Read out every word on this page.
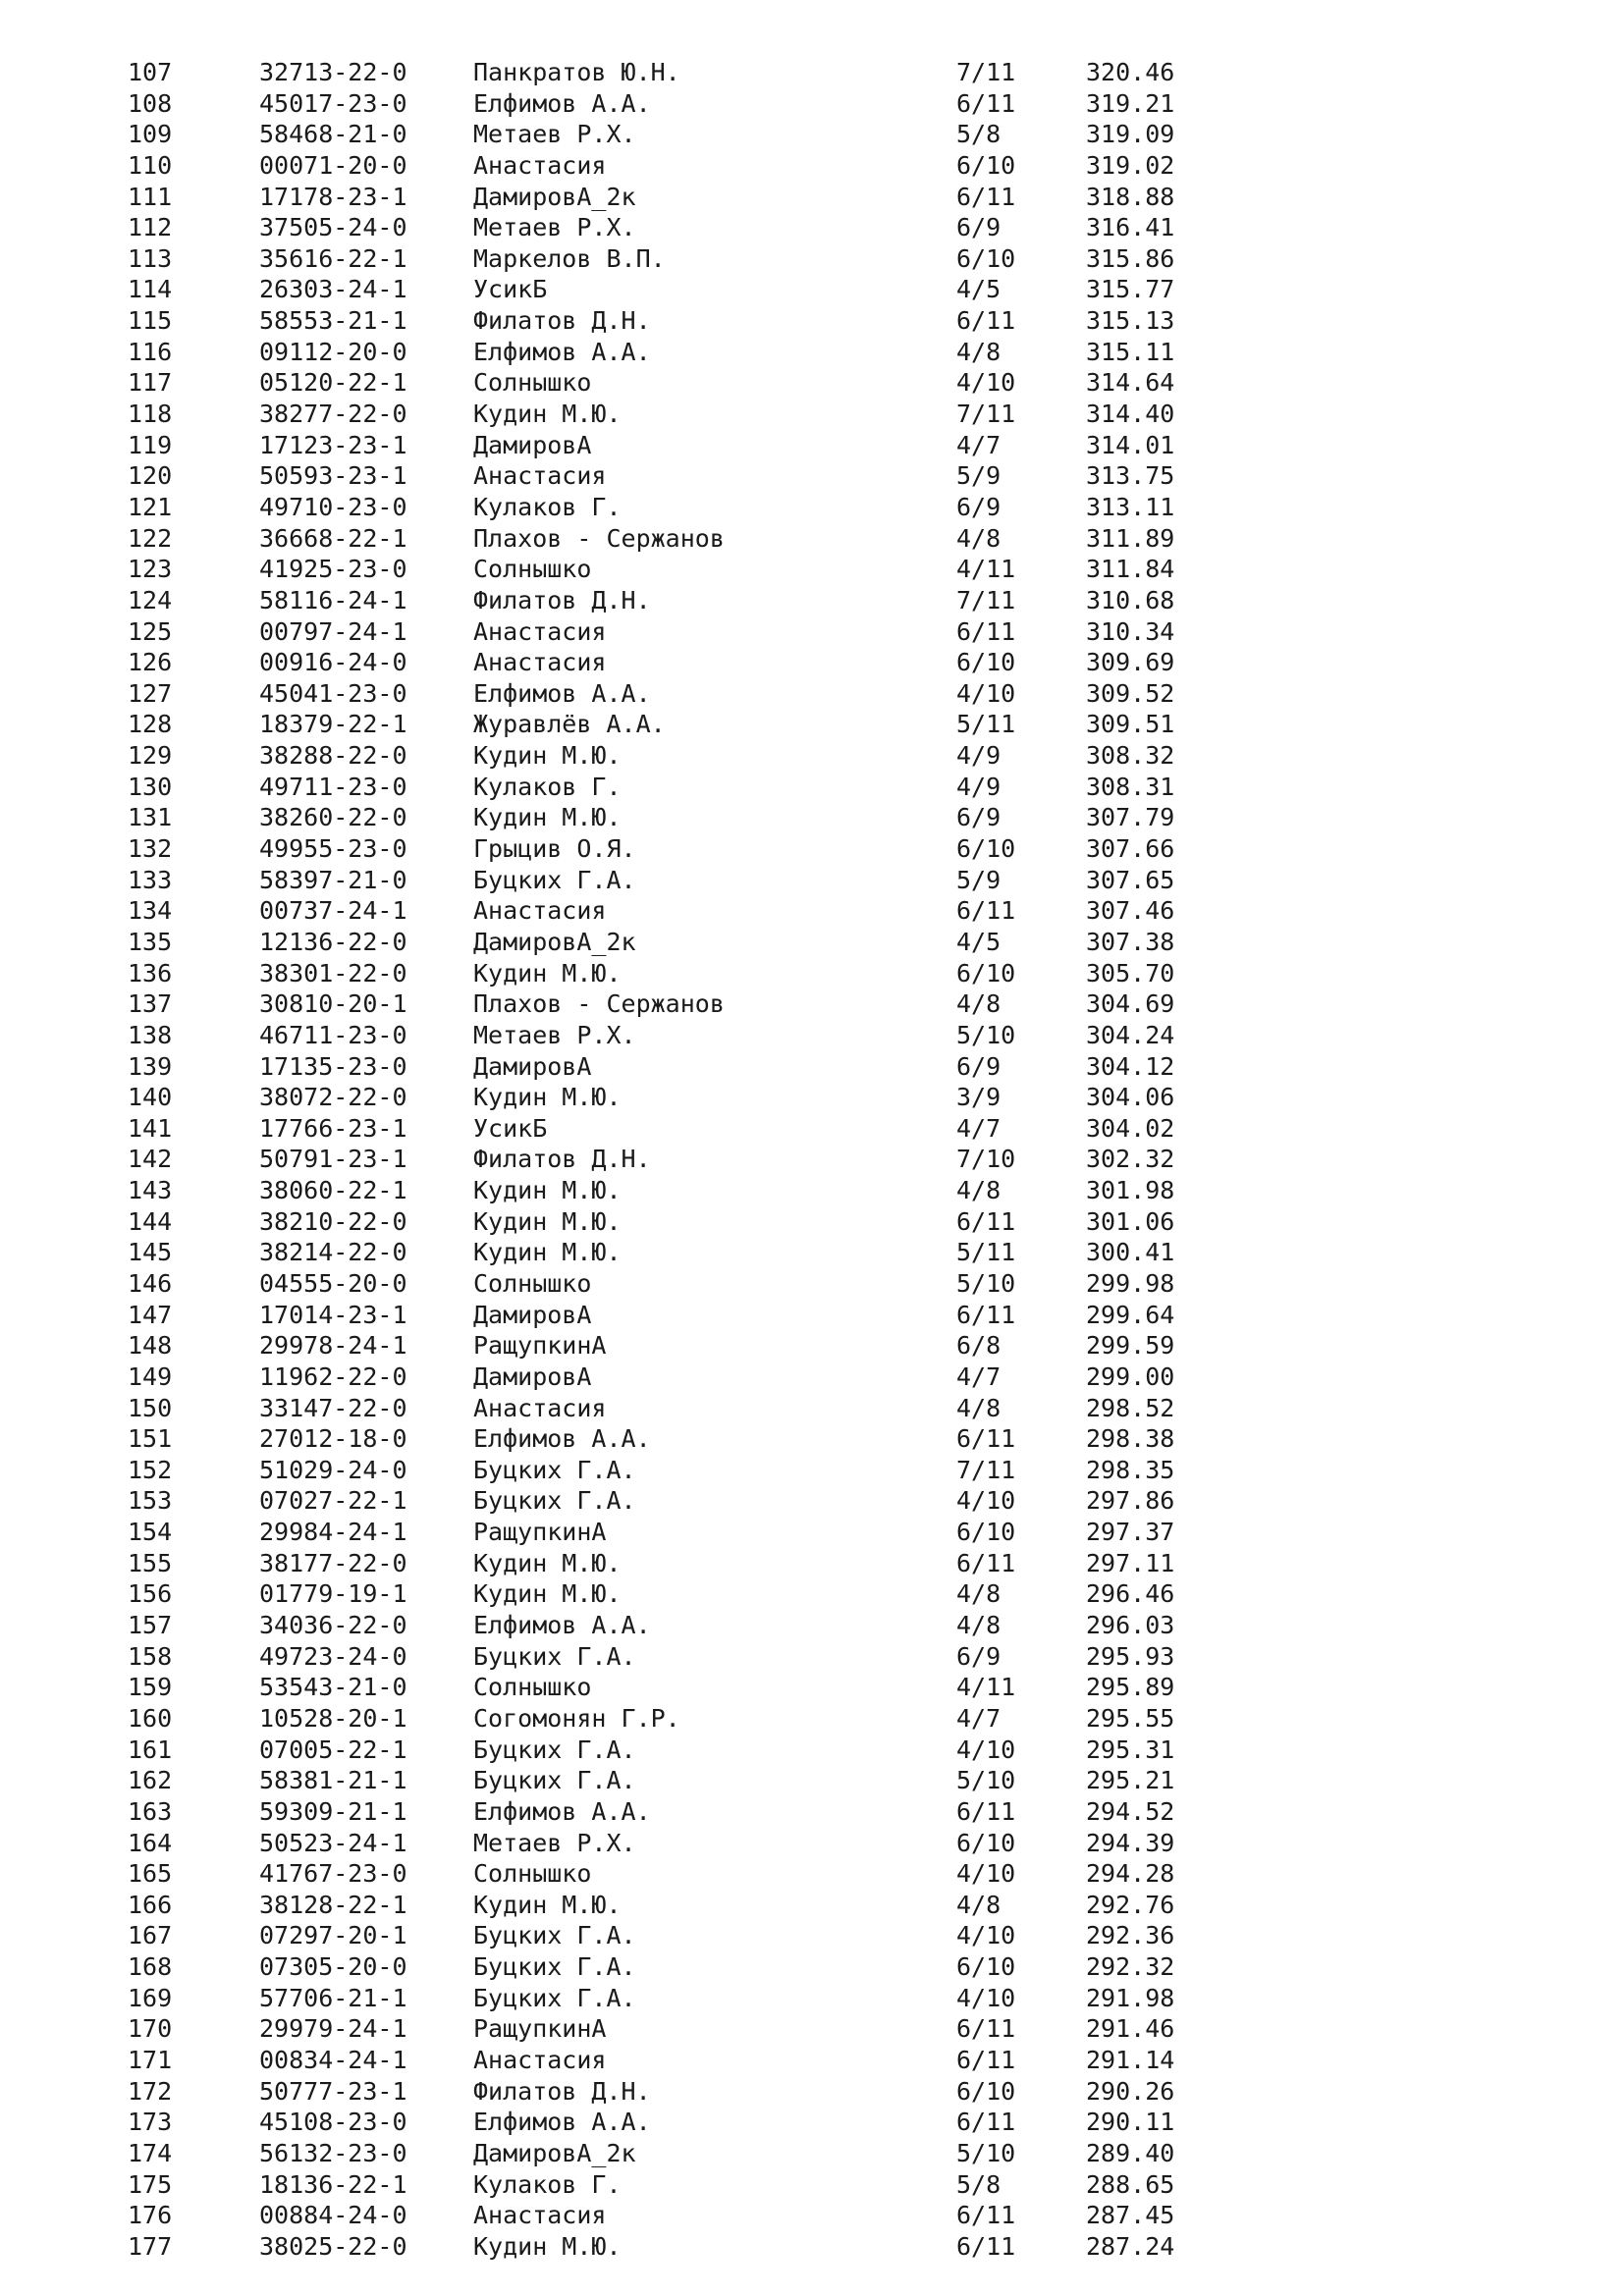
107	32713-22-0	Панкратов Ю.Н.	7/11	320.46
108	45017-23-0	Елфимов А.А.	6/11	319.21
109	58468-21-0	Метаев Р.Х.	5/8	319.09
110	00071-20-0	Анастасия	6/10	319.02
111	17178-23-1	ДамировА_2к	6/11	318.88
112	37505-24-0	Метаев Р.Х.	6/9	316.41
113	35616-22-1	Маркелов В.П.	6/10	315.86
114	26303-24-1	УсикБ	4/5	315.77
115	58553-21-1	Филатов Д.Н.	6/11	315.13
116	09112-20-0	Елфимов А.А.	4/8	315.11
117	05120-22-1	Солнышко	4/10	314.64
118	38277-22-0	Кудин М.Ю.	7/11	314.40
119	17123-23-1	ДамировА	4/7	314.01
120	50593-23-1	Анастасия	5/9	313.75
121	49710-23-0	Кулаков Г.	6/9	313.11
122	36668-22-1	Плахов - Сержанов	4/8	311.89
123	41925-23-0	Солнышко	4/11	311.84
124	58116-24-1	Филатов Д.Н.	7/11	310.68
125	00797-24-1	Анастасия	6/11	310.34
126	00916-24-0	Анастасия	6/10	309.69
127	45041-23-0	Елфимов А.А.	4/10	309.52
128	18379-22-1	Журавлёв А.А.	5/11	309.51
129	38288-22-0	Кудин М.Ю.	4/9	308.32
130	49711-23-0	Кулаков Г.	4/9	308.31
131	38260-22-0	Кудин М.Ю.	6/9	307.79
132	49955-23-0	Грыцив О.Я.	6/10	307.66
133	58397-21-0	Буцких Г.А.	5/9	307.65
134	00737-24-1	Анастасия	6/11	307.46
135	12136-22-0	ДамировА_2к	4/5	307.38
136	38301-22-0	Кудин М.Ю.	6/10	305.70
137	30810-20-1	Плахов - Сержанов	4/8	304.69
138	46711-23-0	Метаев Р.Х.	5/10	304.24
139	17135-23-0	ДамировА	6/9	304.12
140	38072-22-0	Кудин М.Ю.	3/9	304.06
141	17766-23-1	УсикБ	4/7	304.02
142	50791-23-1	Филатов Д.Н.	7/10	302.32
143	38060-22-1	Кудин М.Ю.	4/8	301.98
144	38210-22-0	Кудин М.Ю.	6/11	301.06
145	38214-22-0	Кудин М.Ю.	5/11	300.41
146	04555-20-0	Солнышко	5/10	299.98
147	17014-23-1	ДамировА	6/11	299.64
148	29978-24-1	РащупкинА	6/8	299.59
149	11962-22-0	ДамировА	4/7	299.00
150	33147-22-0	Анастасия	4/8	298.52
151	27012-18-0	Елфимов А.А.	6/11	298.38
152	51029-24-0	Буцких Г.А.	7/11	298.35
153	07027-22-1	Буцких Г.А.	4/10	297.86
154	29984-24-1	РащупкинА	6/10	297.37
155	38177-22-0	Кудин М.Ю.	6/11	297.11
156	01779-19-1	Кудин М.Ю.	4/8	296.46
157	34036-22-0	Елфимов А.А.	4/8	296.03
158	49723-24-0	Буцких Г.А.	6/9	295.93
159	53543-21-0	Солнышко	4/11	295.89
160	10528-20-1	Согомонян Г.Р.	4/7	295.55
161	07005-22-1	Буцких Г.А.	4/10	295.31
162	58381-21-1	Буцких Г.А.	5/10	295.21
163	59309-21-1	Елфимов А.А.	6/11	294.52
164	50523-24-1	Метаев Р.Х.	6/10	294.39
165	41767-23-0	Солнышко	4/10	294.28
166	38128-22-1	Кудин М.Ю.	4/8	292.76
167	07297-20-1	Буцких Г.А.	4/10	292.36
168	07305-20-0	Буцких Г.А.	6/10	292.32
169	57706-21-1	Буцких Г.А.	4/10	291.98
170	29979-24-1	РащупкинА	6/11	291.46
171	00834-24-1	Анастасия	6/11	291.14
172	50777-23-1	Филатов Д.Н.	6/10	290.26
173	45108-23-0	Елфимов А.А.	6/11	290.11
174	56132-23-0	ДамировА_2к	5/10	289.40
175	18136-22-1	Кулаков Г.	5/8	288.65
176	00884-24-0	Анастасия	6/11	287.45
177	38025-22-0	Кудин М.Ю.	6/11	287.24
